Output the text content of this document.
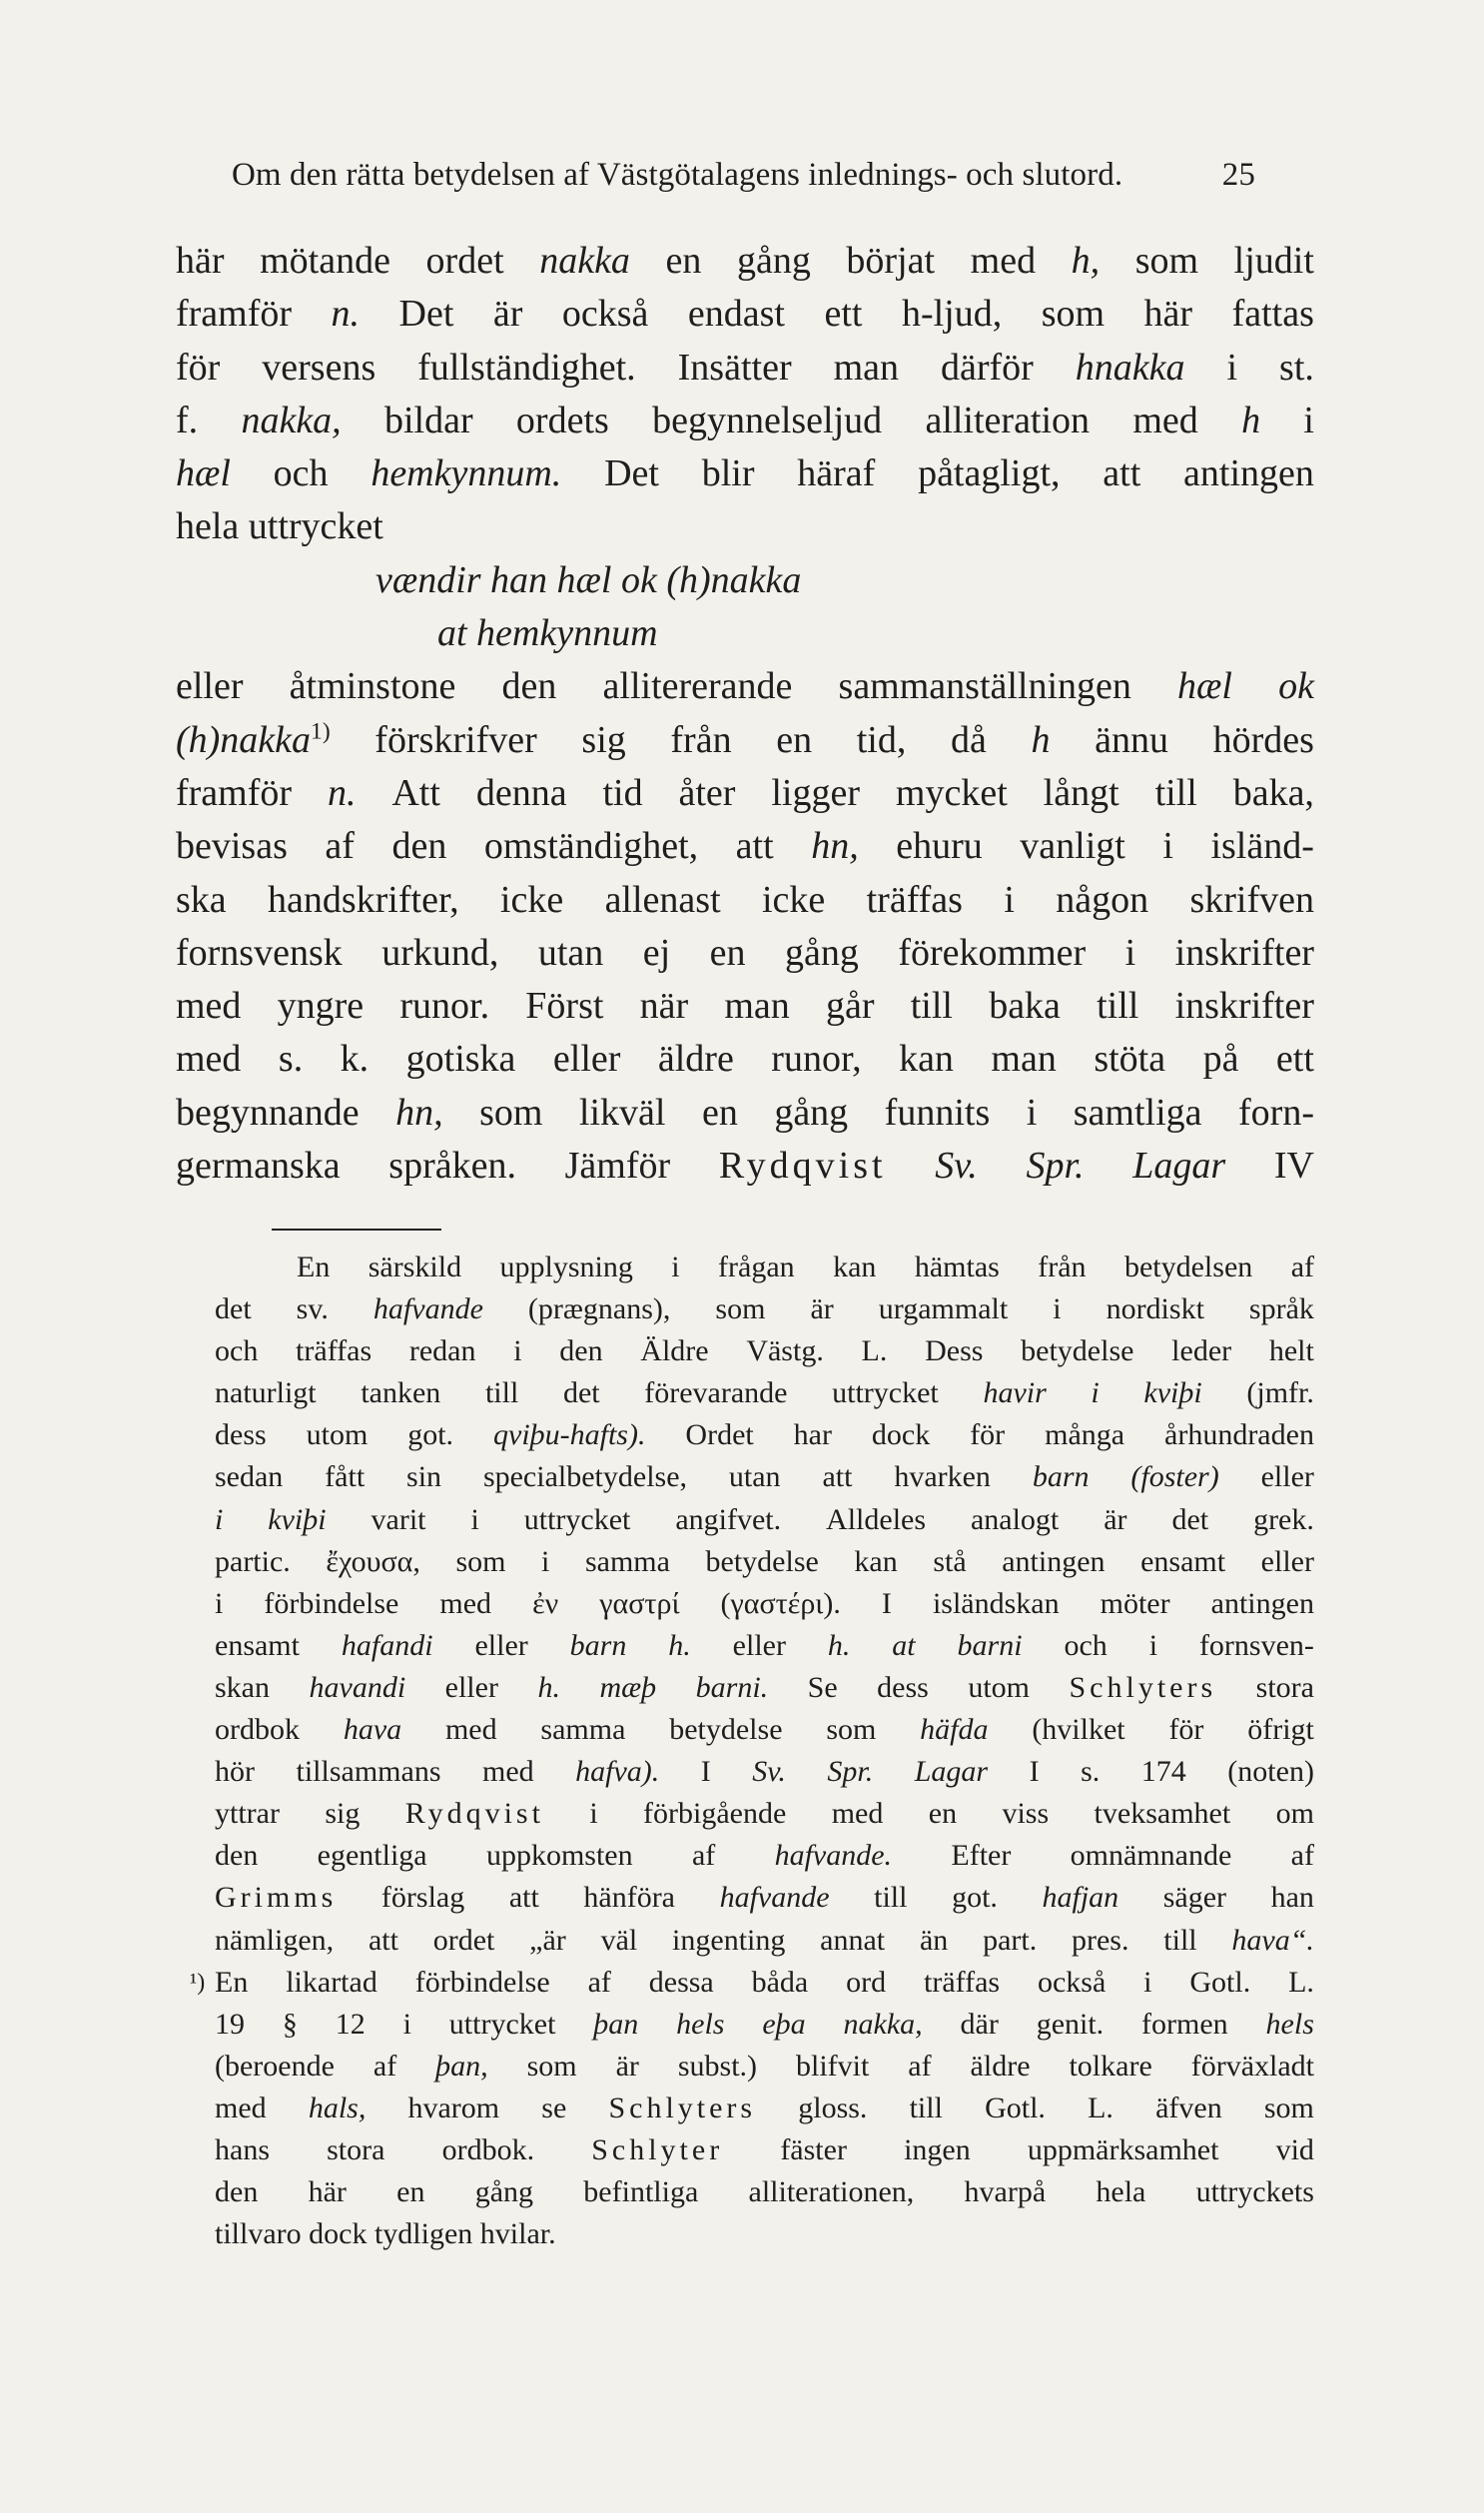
Om den rätta betydelsen af Västgötalagens inlednings- och slutord.	25
här mötande ordet nakka en gång börjat med h, som ljudit
framför n. Det är också endast ett h-ljud, som här fattas
för versens fullständighet. Insätter man därför hnakka i st.
f. nakka, bildar ordets begynnelseljud alliteration med h i
hæl och hemkynnum. Det blir häraf påtagligt, att antingen
hela uttrycket
vændir han hæl ok (h)nakka
at hemkynnum
eller åtminstone den allitererande sammanställningen hæl ok
(h)nakka$^{1)}$ förskrifver sig från en tid, då h ännu hördes
framför n. Att denna tid åter ligger mycket långt till baka,
bevisas af den omständighet, att hn, ehuru vanligt i isländ-
ska handskrifter, icke allenast icke träffas i någon skrifven
fornsvensk urkund, utan ej en gång förekommer i inskrifter
med yngre runor. Först när man går till baka till inskrifter
med s. k. gotiska eller äldre runor, kan man stöta på ett
begynnande hn, som likväl en gång funnits i samtliga forn-
germanska språken. Jämför Rydqvist Sv. Spr. Lagar IV
En särskild upplysning i frågan kan hämtas från betydelsen af
det sv. hafvande (prægnans), som är urgammalt i nordiskt språk
och träffas redan i den Äldre Västg. L. Dess betydelse leder helt
naturligt tanken till det förevarande uttrycket havir i kviþi (jmfr.
dess utom got. qviþu-hafts). Ordet har dock för många århundraden
sedan fått sin specialbetydelse, utan att hvarken barn (foster) eller
i kviþi varit i uttrycket angifvet. Alldeles analogt är det grek.
partic. ἔχουσα, som i samma betydelse kan stå antingen ensamt eller
i förbindelse med ἐν γαστρί (γαστέρι). I isländskan möter antingen
ensamt hafandi eller barn h. eller h. at barni och i fornsven-
skan havandi eller h. mæþ barni. Se dess utom Schlyters stora
ordbok hava med samma betydelse som häfda (hvilket för öfrigt
hör tillsammans med hafva). I Sv. Spr. Lagar I s. 174 (noten)
yttrar sig Rydqvist i förbigående med en viss tveksamhet om
den egentliga uppkomsten af hafvande. Efter omnämnande af
Grimms förslag att hänföra hafvande till got. hafjan säger han
nämligen, att ordet „är väl ingenting annat än part. pres. till hava“.
¹) En likartad förbindelse af dessa båda ord träffas också i Gotl. L.
19 § 12 i uttrycket þan hels eþa nakka, där genit. formen hels
(beroende af þan, som är subst.) blifvit af äldre tolkare förväxladt
med hals, hvarom se Schlyters gloss. till Gotl. L. äfven som
hans stora ordbok. Schlyter fäster ingen uppmärksamhet vid
den här en gång befintliga alliterationen, hvarpå hela uttryckets
tillvaro dock tydligen hvilar.
